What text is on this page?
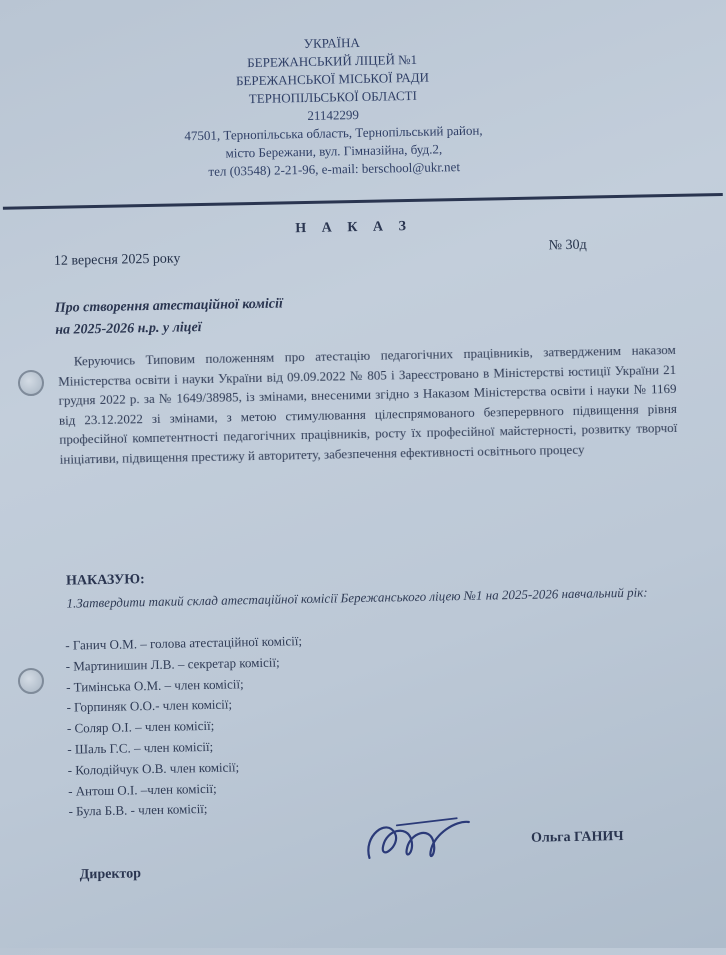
УКРАЇНА
БЕРЕЖАНСЬКИЙ ЛІЦЕЙ №1
БЕРЕЖАНСЬКОЇ МІСЬКОЇ РАДИ
ТЕРНОПІЛЬСЬКОЇ ОБЛАСТІ
21142299
47501, Тернопільська область, Тернопільський район,
місто Бережани, вул. Гімназійна, буд.2,
тел (03548) 2-21-96, e-mail: berschool@ukr.net
Н А К А З
12 вересня 2025 року
№ 30д
Про створення атестаційної комісії
на 2025-2026 н.р. у ліцеї
Керуючись Типовим положенням про атестацію педагогічних працівників, затвердженим наказом Міністерства освіти і науки України від 09.09.2022 № 805 і Зареєстровано в Міністерстві юстиції України 21 грудня 2022 р. за № 1649/38985, із змінами, внесеними згідно з Наказом Міністерства освіти і науки № 1169 від 23.12.2022 зі змінами, з метою стимулювання цілеспрямованого безперервного підвищення рівня професійної компетентності педагогічних працівників, росту їх професійної майстерності, розвитку творчої ініціативи, підвищення престижу й авторитету, забезпечення ефективності освітнього процесу
НАКАЗУЮ:
1.Затвердити такий склад атестаційної комісії Бережанського ліцею №1 на 2025-2026 навчальний рік:
- Ганич О.М. – голова атестаційної комісії;
- Мартинишин Л.В. – секретар комісії;
- Тимінська О.М. – член комісії;
- Горпиняк О.О.- член комісії;
- Соляр О.І. – член комісії;
- Шаль Г.С. – член комісії;
- Колодійчук О.В. член комісії;
- Антош О.І. –член комісії;
- Була Б.В. - член комісії;
Ольга ГАНИЧ
Директор
